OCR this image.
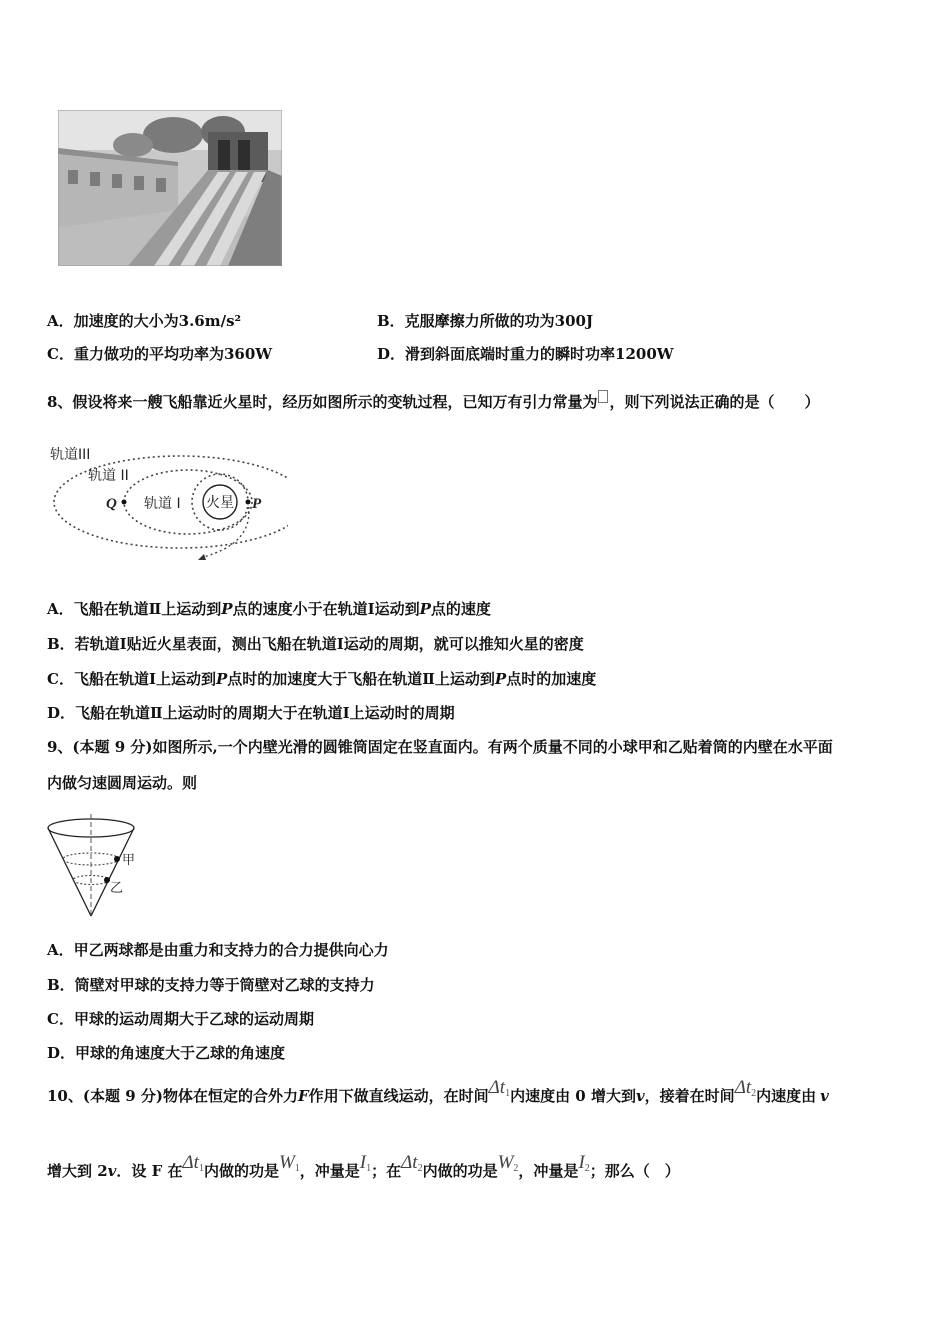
A．加速度的大小为3.6m/s²	B．克服摩擦力所做的功为300J
C．重力做功的平均功率为360W	D．滑到斜面底端时重力的瞬时功率1200W
8、假设将来一艘飞船靠近火星时，经历如图所示的变轨过程，已知万有引力常量为 ，则下列说法正确的是（　　）
轨道III
轨道 II
轨道 I 火星
Q	P
A．飞船在轨道Ⅱ上运动到P点的速度小于在轨道Ⅰ运动到P点的速度
B．若轨道Ⅰ贴近火星表面，测出飞船在轨道Ⅰ运动的周期，就可以推知火星的密度
C．飞船在轨道Ⅰ上运动到P点时的加速度大于飞船在轨道Ⅱ上运动到P点时的加速度
D．飞船在轨道Ⅱ上运动时的周期大于在轨道Ⅰ上运动时的周期
9、(本题 9 分)如图所示,一个内壁光滑的圆锥筒固定在竖直面内。有两个质量不同的小球甲和乙贴着筒的内壁在水平面
内做匀速圆周运动。则
甲
乙
A．甲乙两球都是由重力和支持力的合力提供向心力
B．筒壁对甲球的支持力等于筒壁对乙球的支持力
C．甲球的运动周期大于乙球的运动周期
D．甲球的角速度大于乙球的角速度
10、(本题 9 分)物体在恒定的合外力F作用下做直线运动，在时间$\Delta t_1$内速度由 0 增大到v，接着在时间$\Delta t_2$内速度由 v
增大到 2v．设 F 在$\Delta t_1$内做的功是$W_1$，冲量是$I_1$；在$\Delta t_2$内做的功是$W_2$，冲量是$I_2$；那么（　）
